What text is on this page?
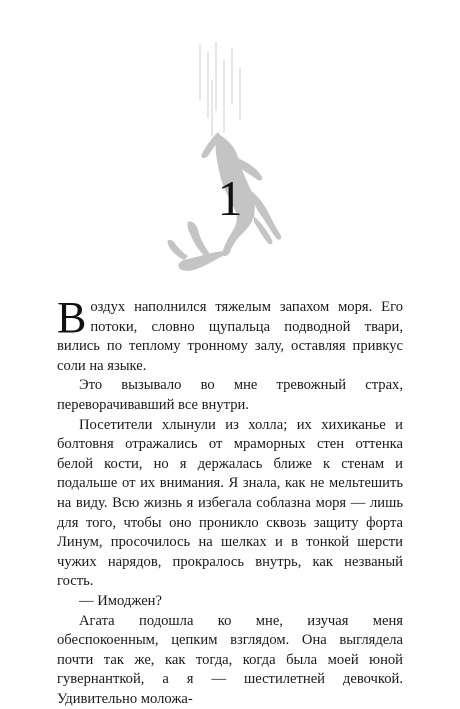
1

Воздух наполнился тяжелым запахом моря. Его потоки, словно щупальца подводной твари, вились по теплому тронному залу, оставляя привкус соли на языке.

Это вызывало во мне тревожный страх, переворачивавший все внутри.

Посетители хлынули из холла; их хихиканье и болтовня отражались от мраморных стен оттенка белой кости, но я держалась ближе к стенам и подальше от их внимания. Я знала, как не мельтешить на виду. Всю жизнь я избегала соблазна моря — лишь для того, чтобы оно проникло сквозь защиту форта Линум, просочилось на шелках и в тонкой шерсти чужих нарядов, прокралось внутрь, как незваный гость.

— Имоджен?

Агата подошла ко мне, изучая меня обеспокоенным, цепким взглядом. Она выглядела почти так же, как тогда, когда была моей юной гувернанткой, а я — шестилетней девочкой. Удивительно моложа-
